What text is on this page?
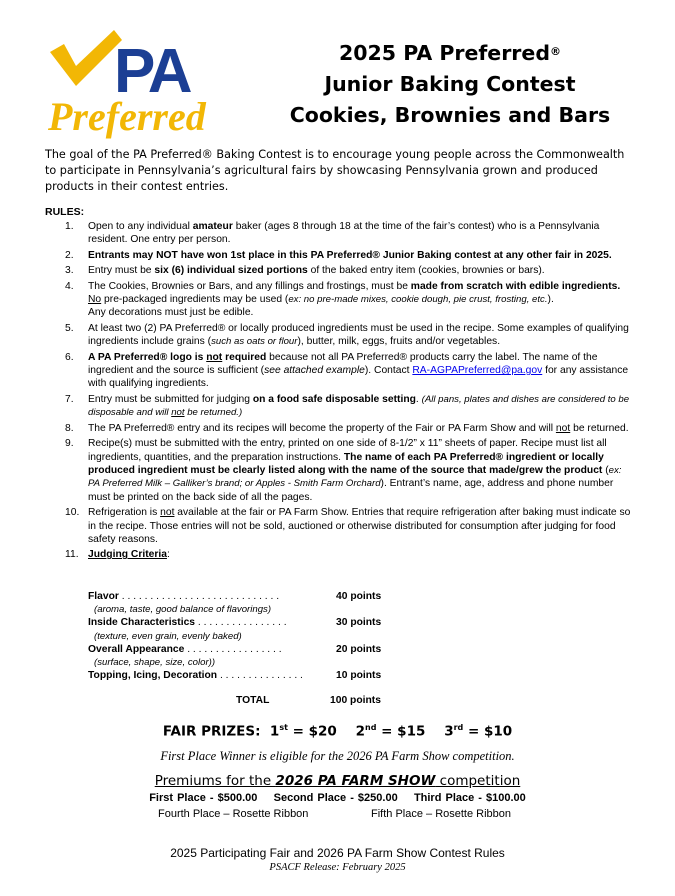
PA
Preferred
2025 PA Preferred®
Junior Baking Contest
Cookies, Brownies and Bars
The goal of the PA Preferred® Baking Contest is to encourage young people across the Commonwealth to participate in Pennsylvania’s agricultural fairs by showcasing Pennsylvania grown and produced products in their contest entries.
RULES:
1. Open to any individual amateur baker (ages 8 through 18 at the time of the fair’s contest) who is a Pennsylvania resident. One entry per person.
2. Entrants may NOT have won 1st place in this PA Preferred® Junior Baking contest at any other fair in 2025.
3. Entry must be six (6) individual sized portions of the baked entry item (cookies, brownies or bars).
4. The Cookies, Brownies or Bars, and any fillings and frostings, must be made from scratch with edible ingredients.
No pre-packaged ingredients may be used (ex: no pre-made mixes, cookie dough, pie crust, frosting, etc.).
Any decorations must just be edible.
5. At least two (2) PA Preferred® or locally produced ingredients must be used in the recipe. Some examples of qualifying ingredients include grains (such as oats or flour), butter, milk, eggs, fruits and/or vegetables.
6. A PA Preferred® logo is not required because not all PA Preferred® products carry the label. The name of the ingredient and the source is sufficient (see attached example). Contact RA-AGPAPreferred@pa.gov for any assistance with qualifying ingredients.
7. Entry must be submitted for judging on a food safe disposable setting. (All pans, plates and dishes are considered to be disposable and will not be returned.)
8. The PA Preferred® entry and its recipes will become the property of the Fair or PA Farm Show and will not be returned.
9. Recipe(s) must be submitted with the entry, printed on one side of 8-1/2” x 11” sheets of paper. Recipe must list all ingredients, quantities, and the preparation instructions. The name of each PA Preferred® ingredient or locally produced ingredient must be clearly listed along with the name of the source that made/grew the product (ex: PA Preferred Milk – Galliker’s brand; or Apples - Smith Farm Orchard). Entrant’s name, age, address and phone number must be printed on the back side of all the pages.
10. Refrigeration is not available at the fair or PA Farm Show. Entries that require refrigeration after baking must indicate so in the recipe. Those entries will not be sold, auctioned or otherwise distributed for consumption after judging for food safety reasons.
11. Judging Criteria:
Flavor . . . . . . . . . . . . . . . . . . . . . . . . . . . .	40 points
(aroma, taste, good balance of flavorings)
Inside Characteristics . . . . . . . . . . . . . . . .	30 points
(texture, even grain, evenly baked)
Overall Appearance . . . . . . . . . . . . . . . . .	20 points
(surface, shape, size, color))
Topping, Icing, Decoration . . . . . . . . . . . . . . .	10 points
TOTAL	100 points
FAIR PRIZES: 1st = $20 2nd = $15 3rd = $10
First Place Winner is eligible for the 2026 PA Farm Show competition.
Premiums for the 2026 PA FARM SHOW competition
First Place - $500.00 Second Place - $250.00 Third Place - $100.00
Fourth Place – Rosette Ribbon	Fifth Place – Rosette Ribbon
2025 Participating Fair and 2026 PA Farm Show Contest Rules
PSACF Release: February 2025
